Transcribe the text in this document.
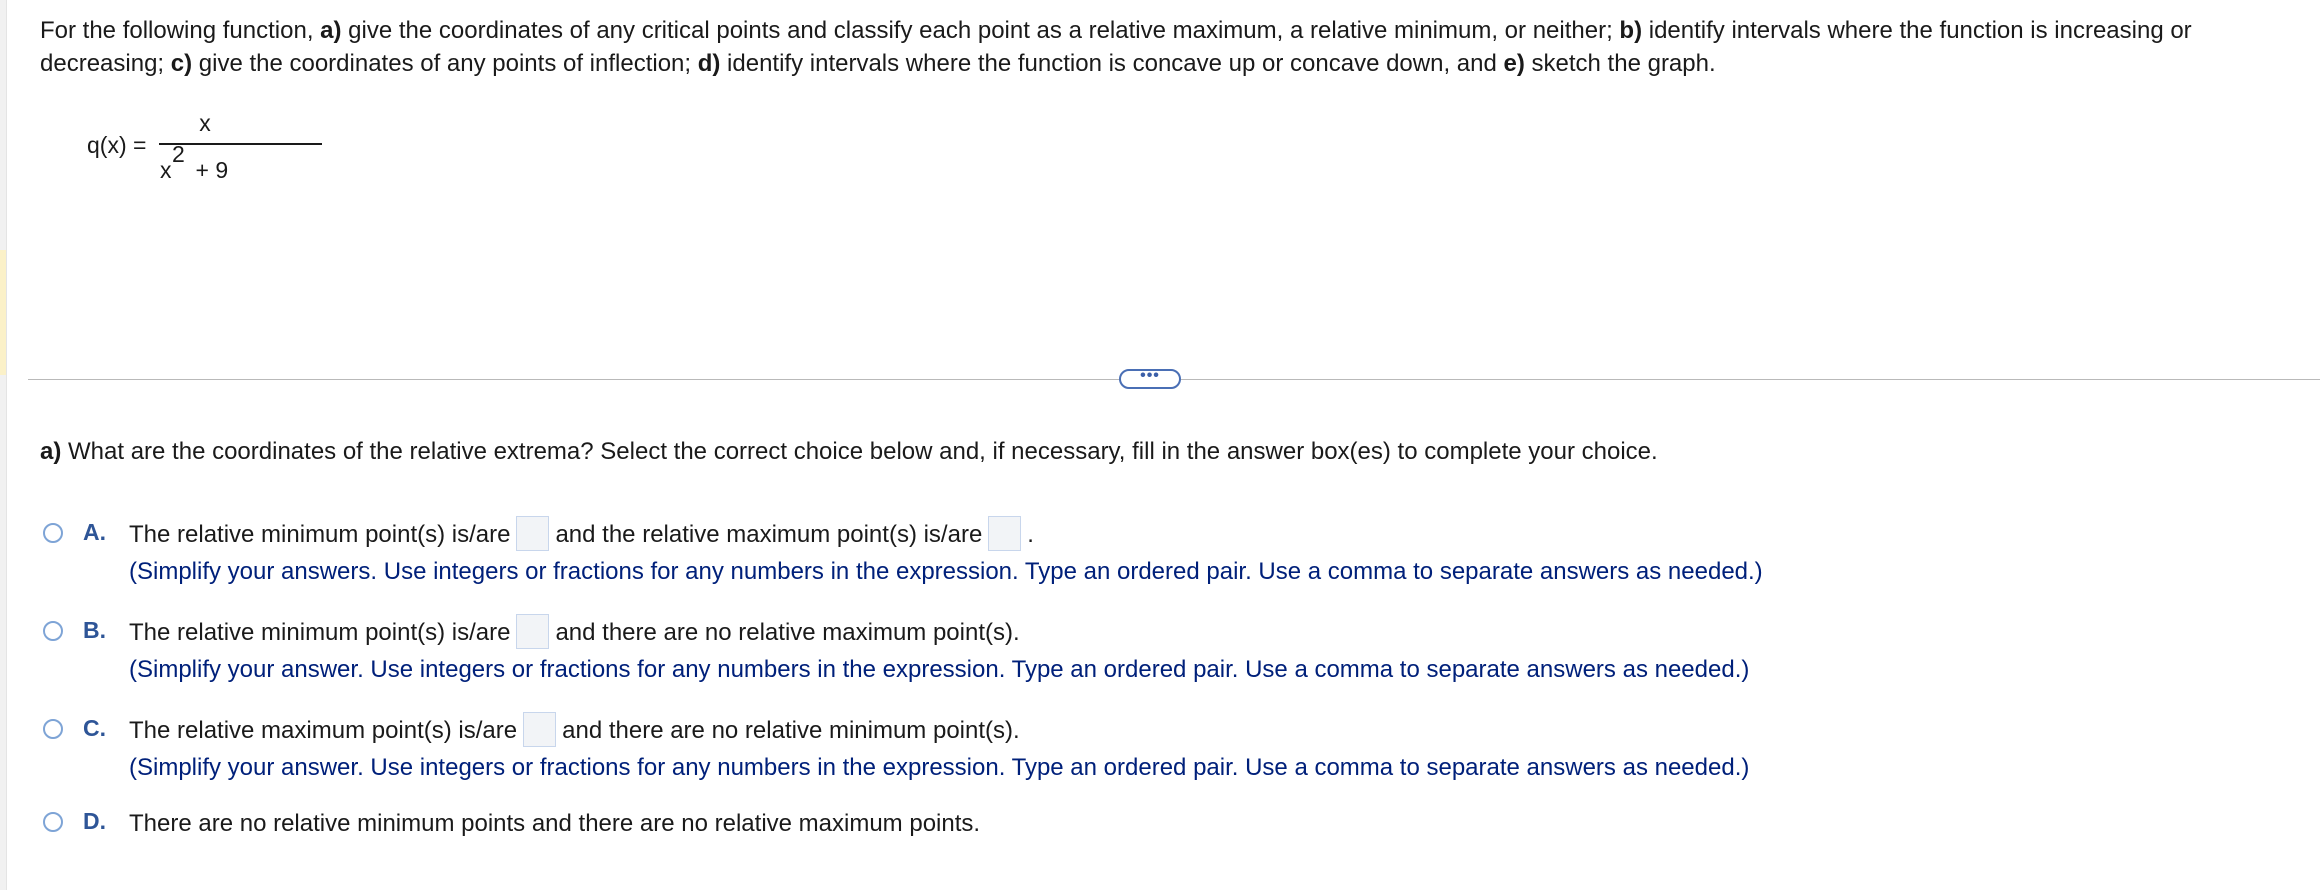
For the following function, a) give the coordinates of any critical points and classify each point as a relative maximum, a relative minimum, or neither; b) identify intervals where the function is increasing or decreasing; c) give the coordinates of any points of inflection; d) identify intervals where the function is concave up or concave down, and e) sketch the graph.
q(x) =
x
x
2
+ 9
•••
a) What are the coordinates of the relative extrema? Select the correct choice below and, if necessary, fill in the answer box(es) to complete your choice.
A. The relative minimum point(s) is/are and the relative maximum point(s) is/are .
(Simplify your answers. Use integers or fractions for any numbers in the expression. Type an ordered pair. Use a comma to separate answers as needed.)
B. The relative minimum point(s) is/are and there are no relative maximum point(s).
(Simplify your answer. Use integers or fractions for any numbers in the expression. Type an ordered pair. Use a comma to separate answers as needed.)
C. The relative maximum point(s) is/are and there are no relative minimum point(s).
(Simplify your answer. Use integers or fractions for any numbers in the expression. Type an ordered pair. Use a comma to separate answers as needed.)
D. There are no relative minimum points and there are no relative maximum points.
